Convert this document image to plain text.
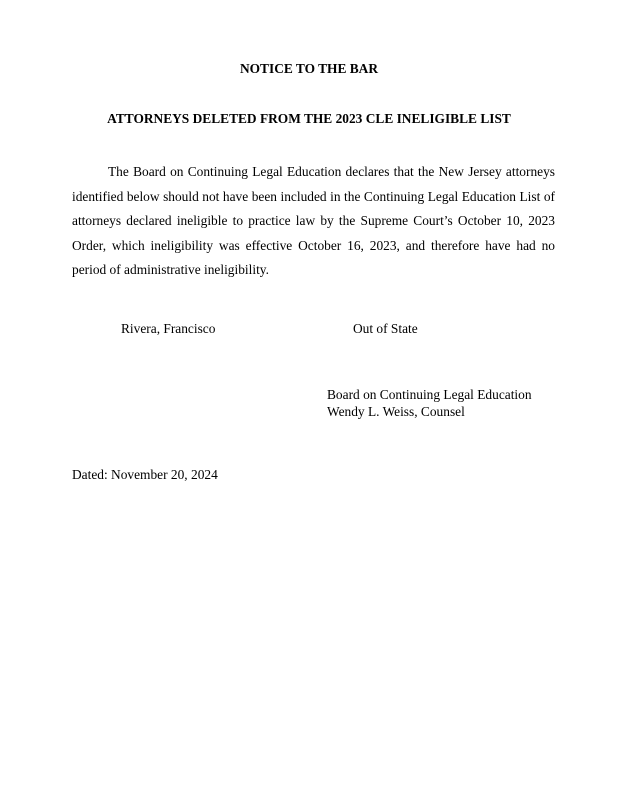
NOTICE TO THE BAR
ATTORNEYS DELETED FROM THE 2023 CLE INELIGIBLE LIST

The Board on Continuing Legal Education declares that the New Jersey attorneys identified below should not have been included in the Continuing Legal Education List of attorneys declared ineligible to practice law by the Supreme Court’s October 10, 2023 Order, which ineligibility was effective October 16, 2023, and therefore have had no period of administrative ineligibility.

Rivera, Francisco	Out of State
Board on Continuing Legal Education
Wendy L. Weiss, Counsel
Dated: November 20, 2024
